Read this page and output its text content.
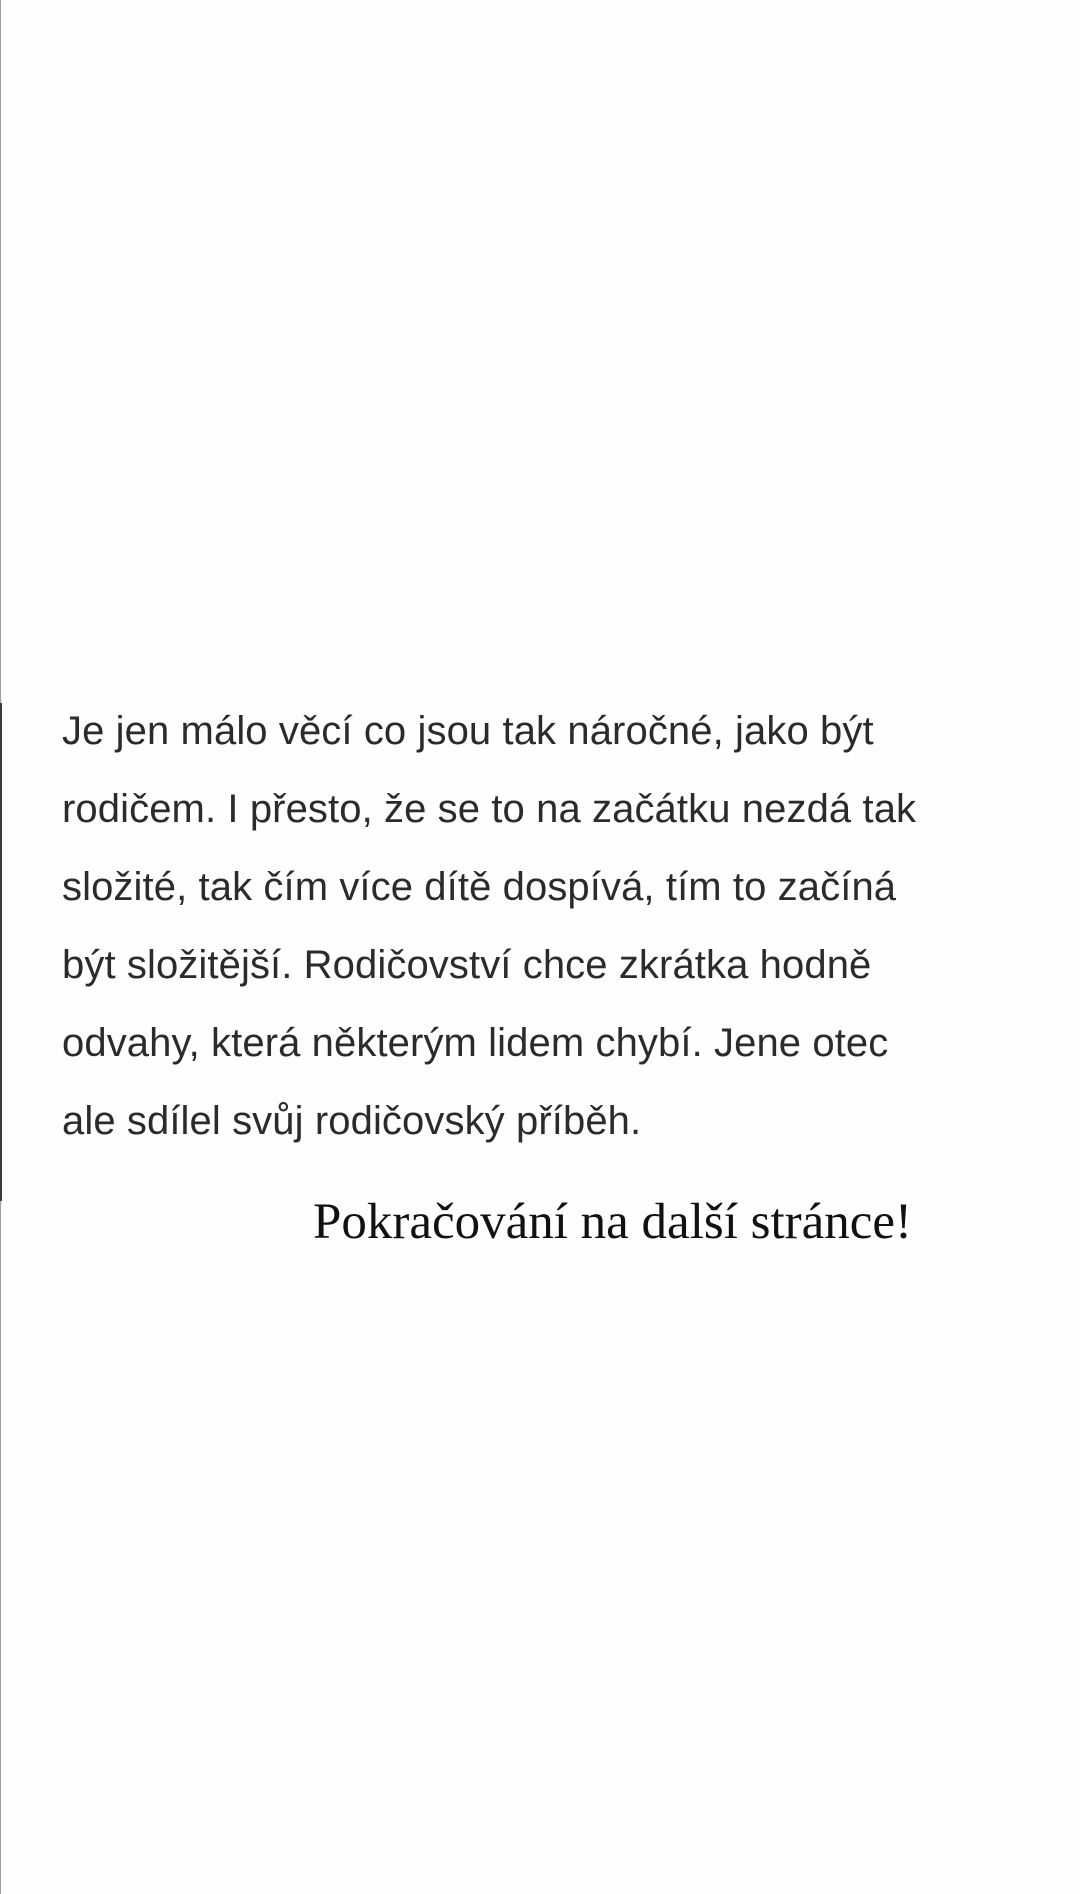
Je jen málo věcí co jsou tak náročné, jako být
rodičem. I přesto, že se to na začátku nezdá tak
složité, tak čím více dítě dospívá, tím to začíná
být složitější. Rodičovství chce zkrátka hodně
odvahy, která některým lidem chybí. Jene otec
ale sdílel svůj rodičovský příběh.

Pokračování na další stránce!
